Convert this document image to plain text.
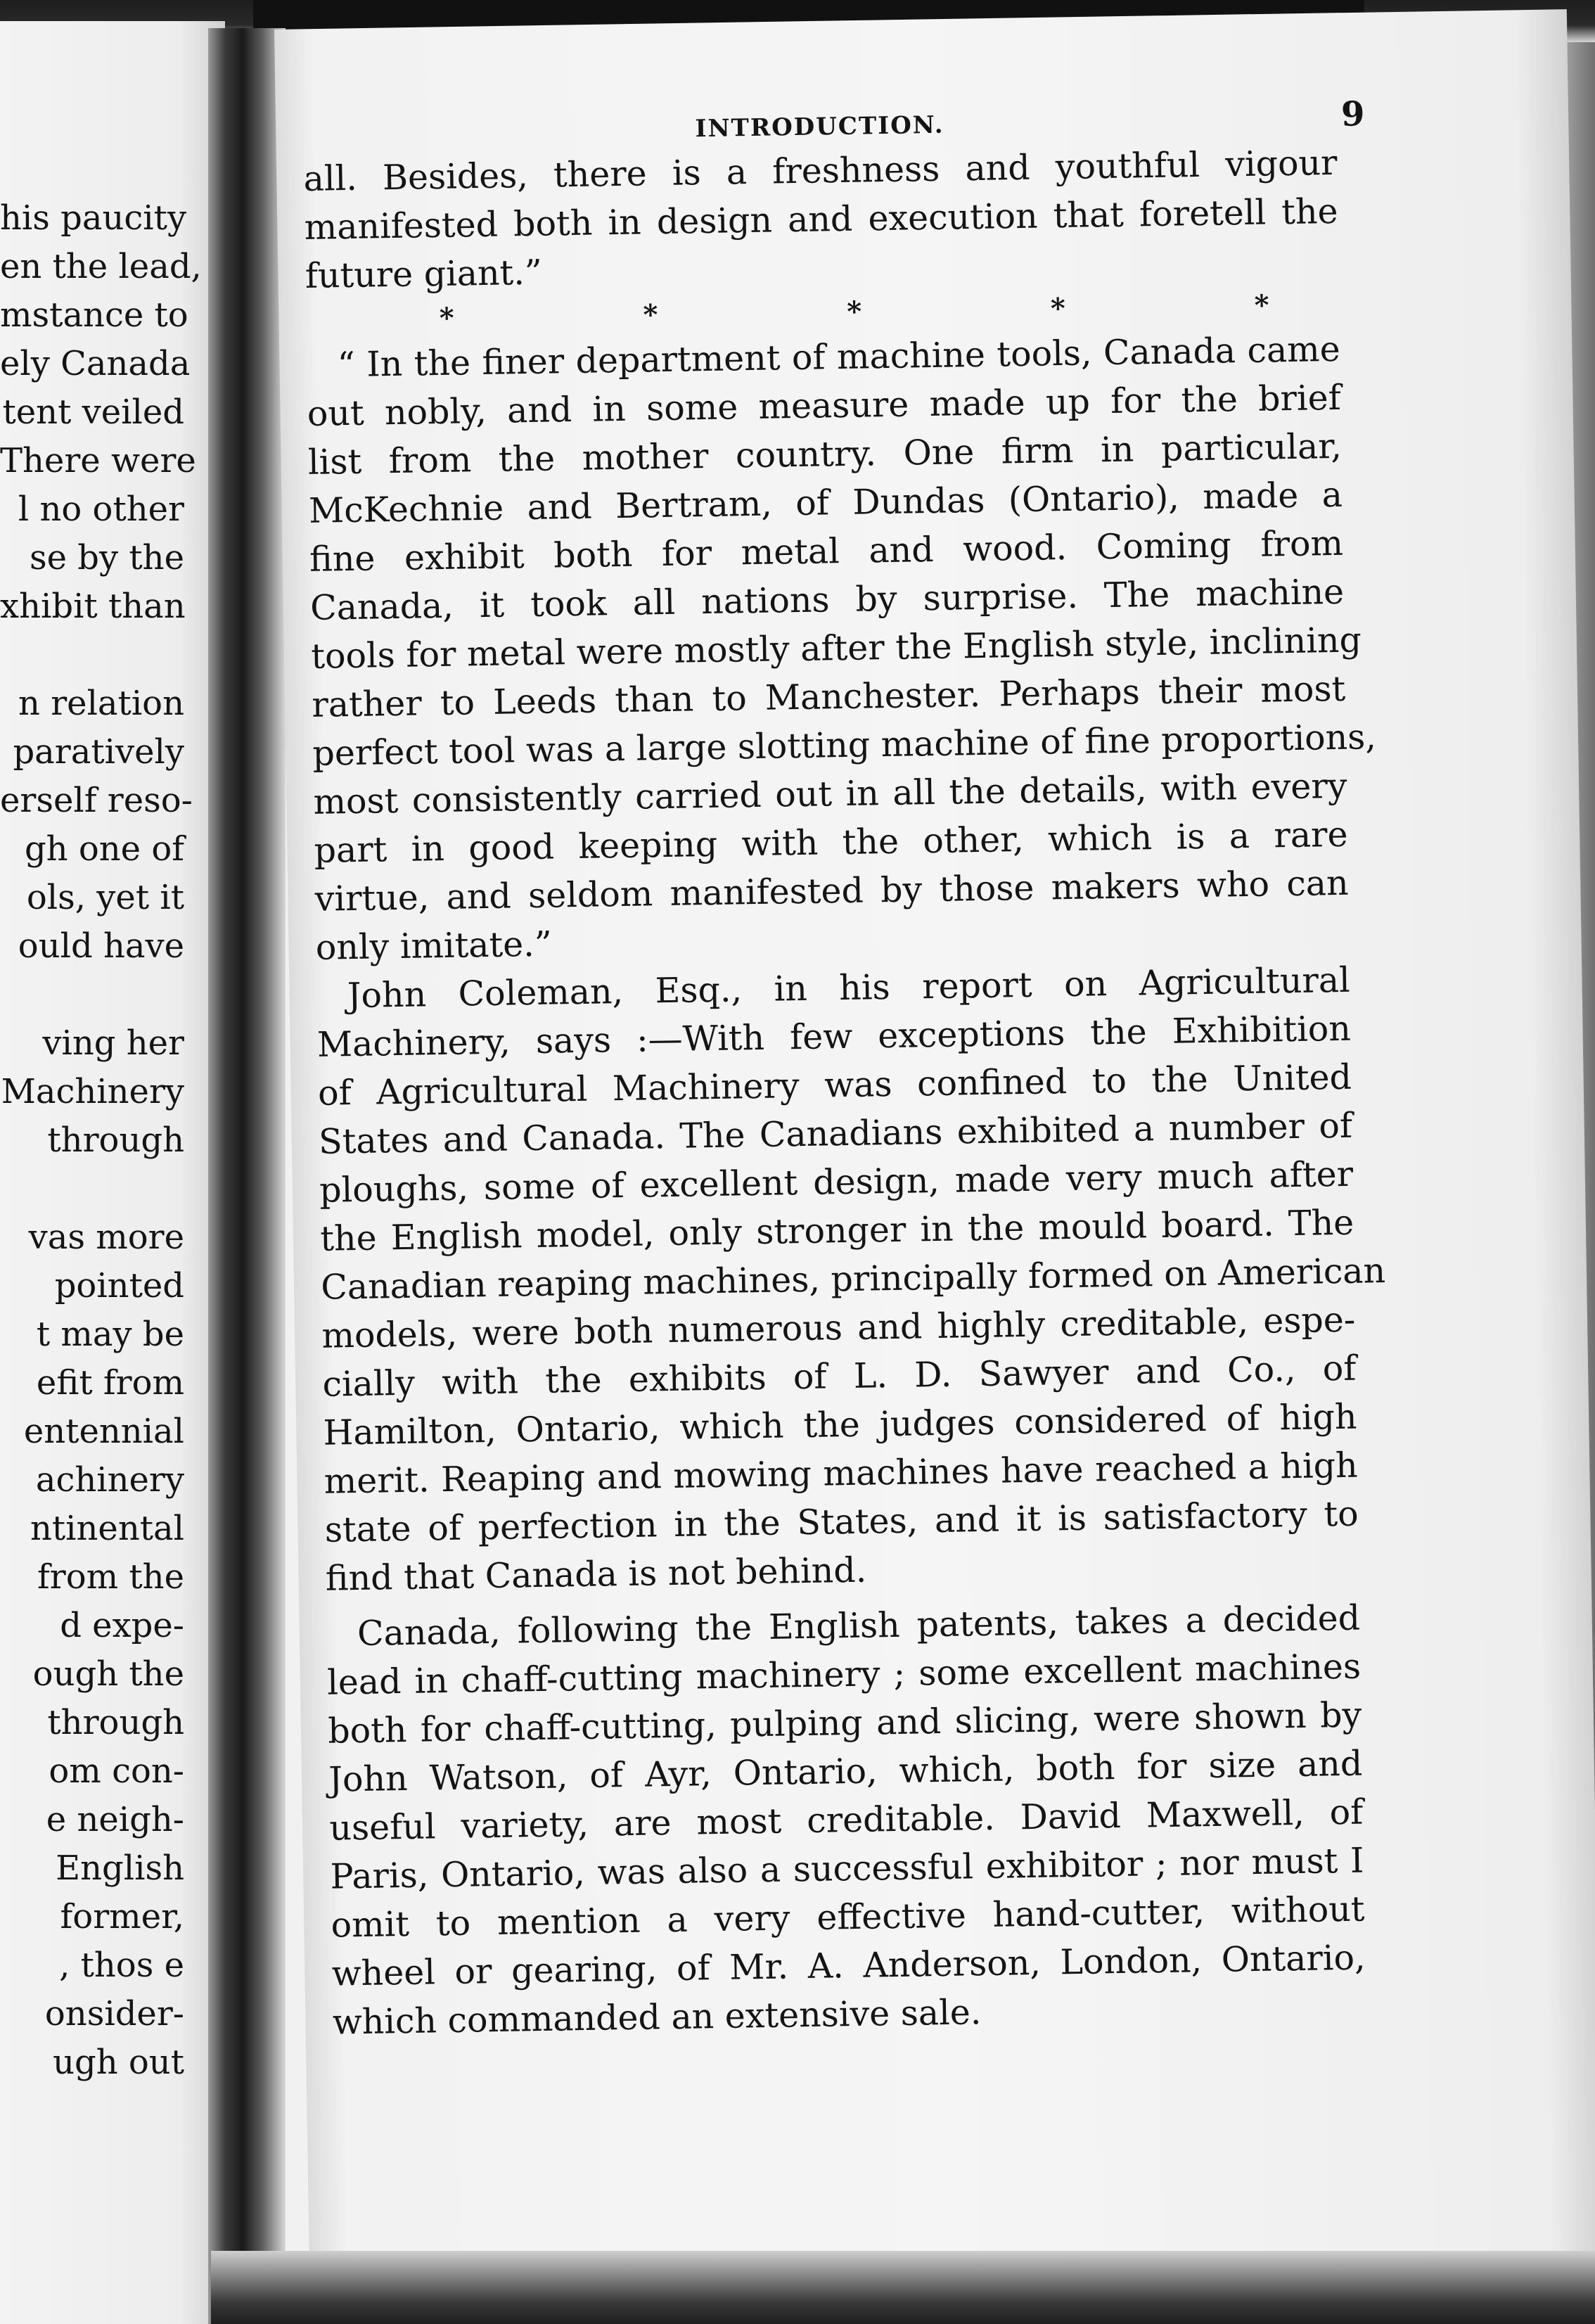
his paucity
en the lead,
mstance to
ely Canada
tent veiled
There were
l no other
se by the
xhibit than
n relation
paratively
erself reso-
gh one of
ols, yet it
ould have
ving her
Machinery
through
vas more
pointed
t may be
efit from
entennial
achinery
ntinental
from the
d expe-
ough the
through
om con-
e neigh-
English
former,
, thos e
onsider-
ugh out
INTRODUCTION.	9
all. Besides, there is a freshness and youthful vigour
manifested both in design and execution that foretell the
future giant.”
*	*	*	*	*
“ In the finer department of machine tools, Canada came
out nobly, and in some measure made up for the brief
list from the mother country. One firm in particular,
McKechnie and Bertram, of Dundas (Ontario), made a
fine exhibit both for metal and wood. Coming from
Canada, it took all nations by surprise. The machine
tools for metal were mostly after the English style, inclining
rather to Leeds than to Manchester. Perhaps their most
perfect tool was a large slotting machine of fine proportions,
most consistently carried out in all the details, with every
part in good keeping with the other, which is a rare
virtue, and seldom manifested by those makers who can
only imitate.”
John Coleman, Esq., in his report on Agricultural
Machinery, says :—With few exceptions the Exhibition
of Agricultural Machinery was confined to the United
States and Canada. The Canadians exhibited a number of
ploughs, some of excellent design, made very much after
the English model, only stronger in the mould board. The
Canadian reaping machines, principally formed on American
models, were both numerous and highly creditable, espe-
cially with the exhibits of L. D. Sawyer and Co., of
Hamilton, Ontario, which the judges considered of high
merit. Reaping and mowing machines have reached a high
state of perfection in the States, and it is satisfactory to
find that Canada is not behind.
Canada, following the English patents, takes a decided
lead in chaff-cutting machinery ; some excellent machines
both for chaff-cutting, pulping and slicing, were shown by
John Watson, of Ayr, Ontario, which, both for size and
useful variety, are most creditable. David Maxwell, of
Paris, Ontario, was also a successful exhibitor ; nor must I
omit to mention a very effective hand-cutter, without
wheel or gearing, of Mr. A. Anderson, London, Ontario,
which commanded an extensive sale.
